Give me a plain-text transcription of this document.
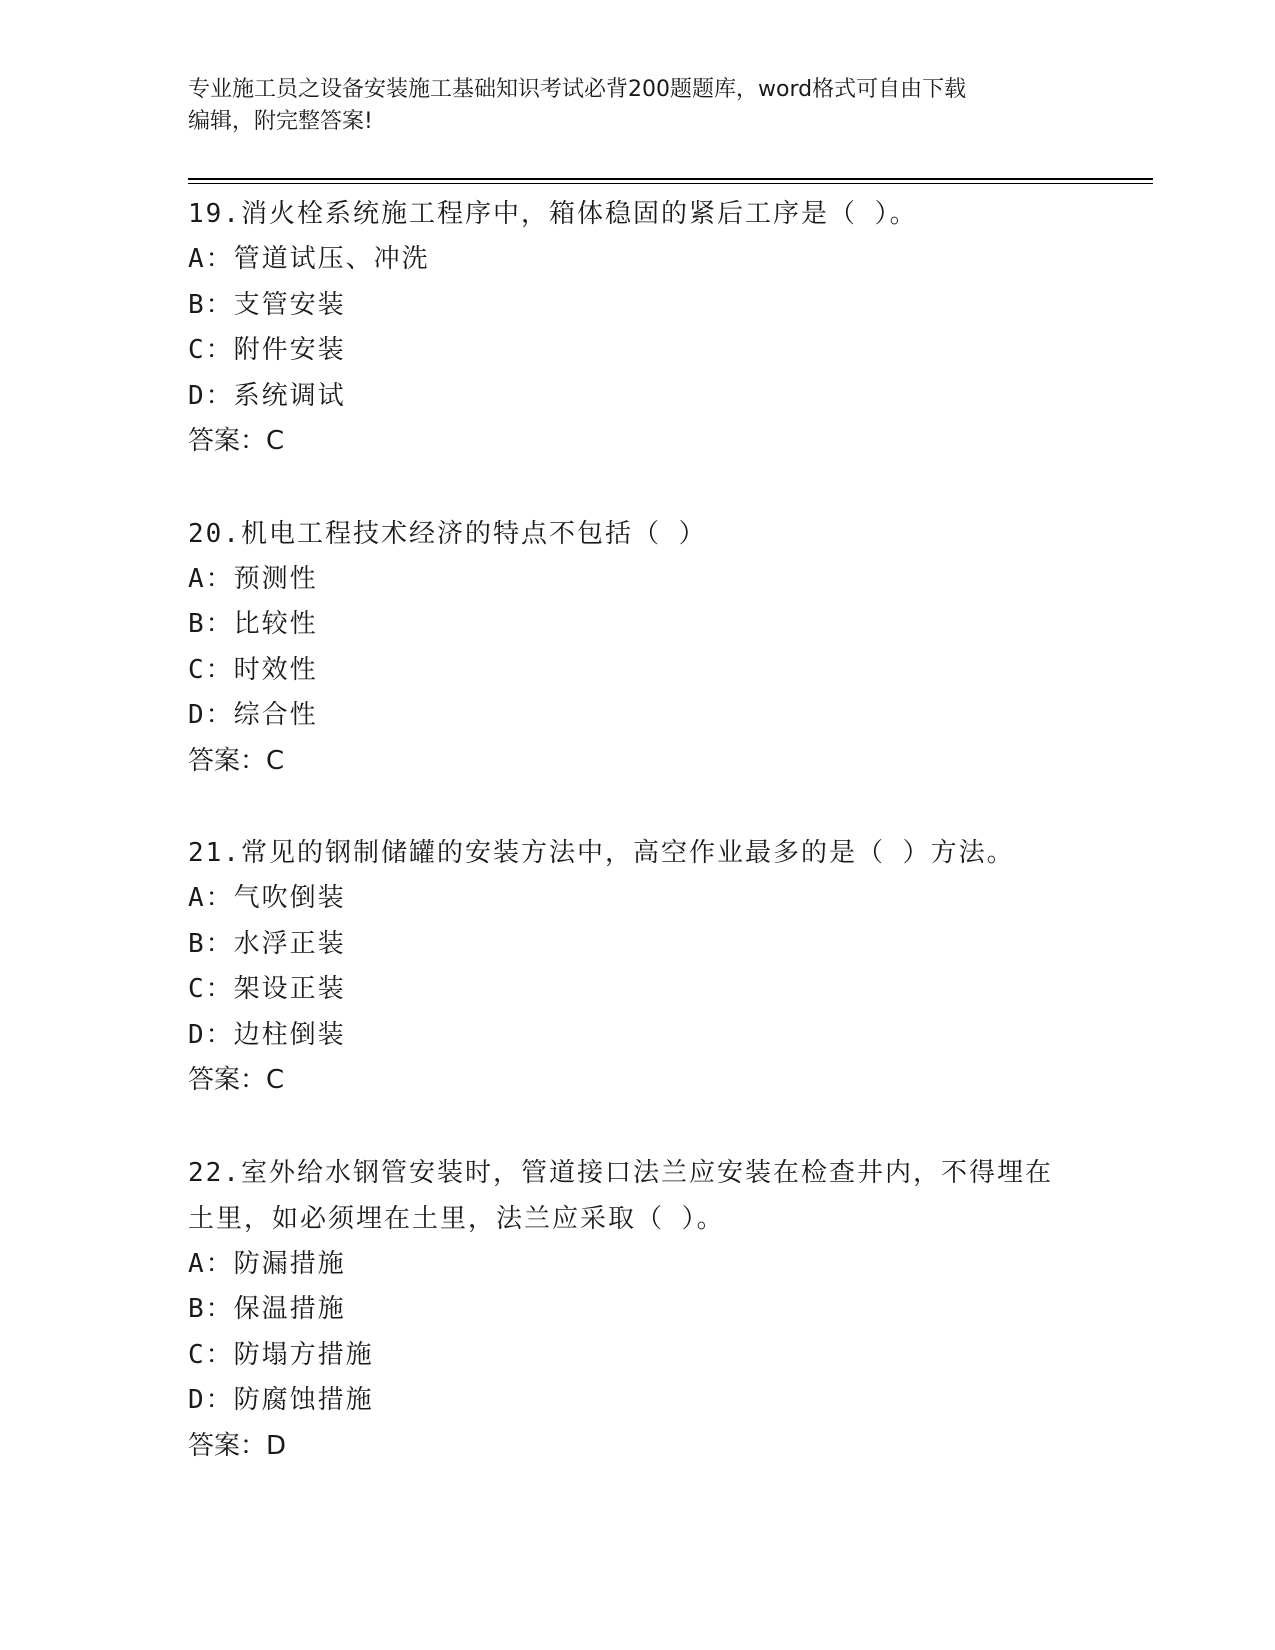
专业施工员之设备安装施工基础知识考试必背200题题库，word格式可自由下载
编辑，附完整答案!
19.消火栓系统施工程序中，箱体稳固的紧后工序是（ ）。
A：管道试压、冲洗
B：支管安装
C：附件安装
D：系统调试
答案：C
20.机电工程技术经济的特点不包括（ ）
A：预测性
B：比较性
C：时效性
D：综合性
答案：C
21.常见的钢制储罐的安装方法中，高空作业最多的是（ ）方法。
A：气吹倒装
B：水浮正装
C：架设正装
D：边柱倒装
答案：C
22.室外给水钢管安装时，管道接口法兰应安装在检查井内，不得埋在
土里，如必须埋在土里，法兰应采取（ ）。
A：防漏措施
B：保温措施
C：防塌方措施
D：防腐蚀措施
答案：D
